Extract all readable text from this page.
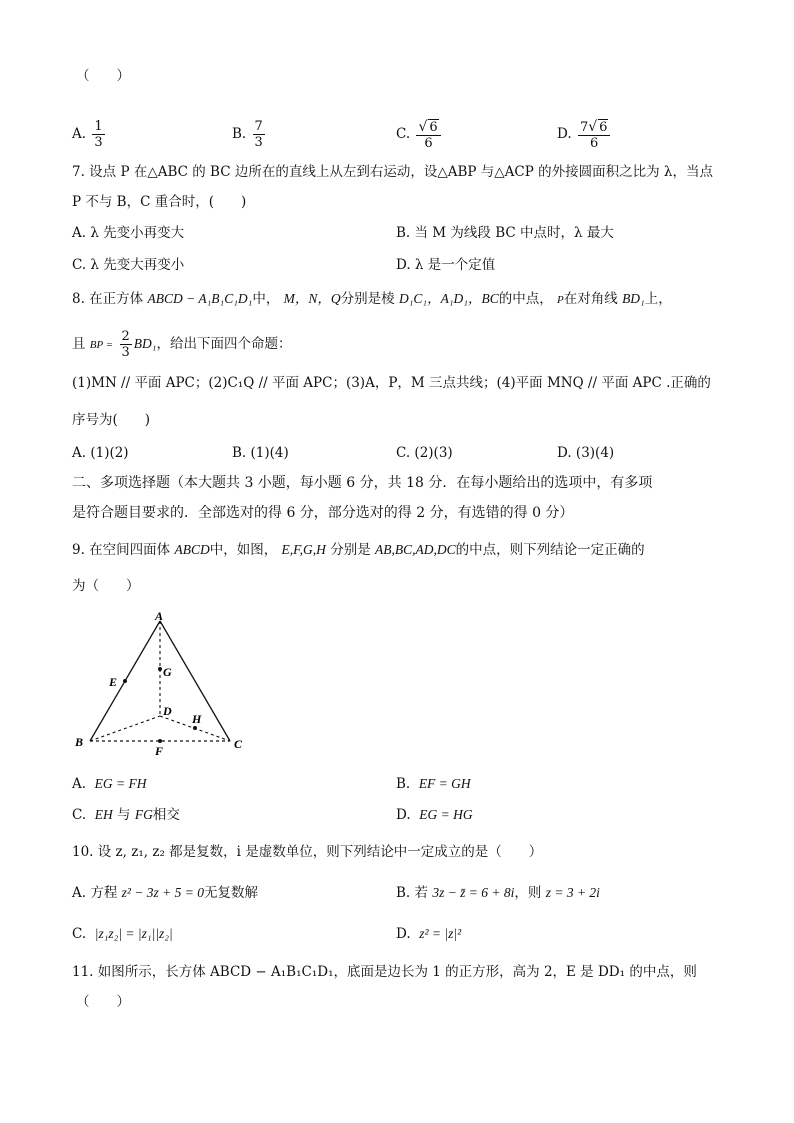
（　　）
A. $\frac{1}{3}$	B. $\frac{7}{3}$	C. $\frac{√ 6}{6}$	D. $\frac{7√ 6}{6}$
7. 设点 P 在△ABC 的 BC 边所在的直线上从左到右运动，设△ABP 与△ACP 的外接圆面积之比为 λ，当点
P 不与 B，C 重合时，(　　)
A. λ 先变小再变大	B. 当 M 为线段 BC 中点时，λ 最大
C. λ 先变大再变小	D. λ 是一个定值
8. 在正方体 ABCD − A₁B₁C₁D₁中， M，N，Q分别是棱 D₁C₁，A₁D₁，BC的中点， P在对角线 BD₁上，
且 BP = $\frac{2}{3} BD_1$，给出下面四个命题：
(1)MN // 平面 APC；(2)C₁Q // 平面 APC；(3)A，P，M 三点共线；(4)平面 MNQ // 平面 APC .正确的
序号为(　　)
A. (1)(2)	B. (1)(4)	C. (2)(3)	D. (3)(4)
二、多项选择题（本大题共 3 小题，每小题 6 分，共 18 分．在每小题给出的选项中，有多项
是符合题目要求的．全部选对的得 6 分，部分选对的得 2 分，有选错的得 0 分）
9. 在空间四面体 ABCD中，如图， E,F,G,H 分别是 AB,BC,AD,DC的中点，则下列结论一定正确的
为（　　）
A
B	C
D
E
F
G
H
A. EG = FH	B. EF = GH
C. EH 与 FG相交	D. EG = HG
10. 设 z, z₁, z₂ 都是复数，i 是虚数单位，则下列结论中一定成立的是（　　）
A. 方程 z² − 3z + 5 = 0无复数解	B. 若 3z − z̄ = 6 + 8i，则 z = 3 + 2i
C. |z₁z₂| = |z₁||z₂|	D. z² = |z|²
11. 如图所示，长方体 ABCD − A₁B₁C₁D₁，底面是边长为 1 的正方形，高为 2，E 是 DD₁ 的中点，则
（　　）
